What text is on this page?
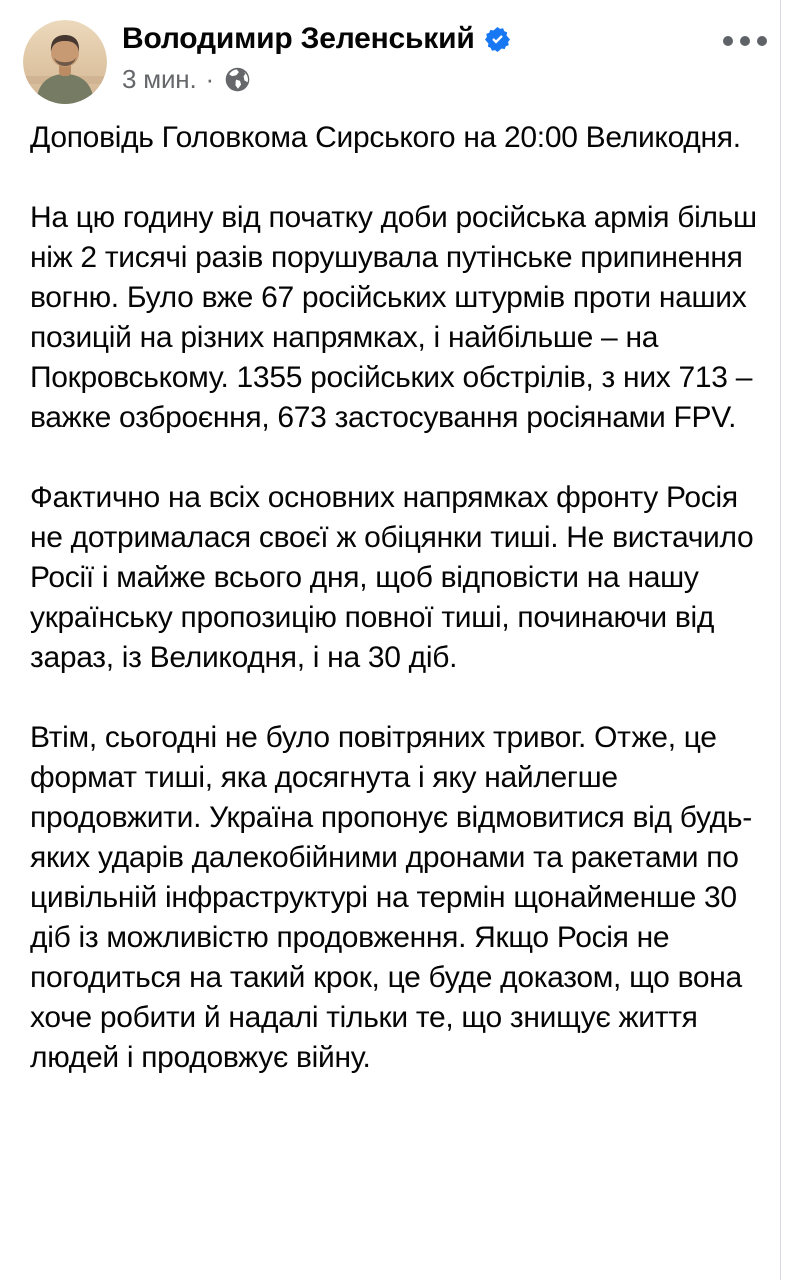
Володимир Зеленський
3 мин. ·

Доповідь Головкома Сирського на 20:00 Великодня.

На цю годину від початку доби російська армія більш ніж 2 тисячі разів порушувала путінське припинення вогню. Було вже 67 російських штурмів проти наших позицій на різних напрямках, і найбільше – на Покровському. 1355 російських обстрілів, з них 713 – важке озброєння, 673 застосування росіянами FPV.

Фактично на всіх основних напрямках фронту Росія не дотрималася своєї ж обіцянки тиші. Не вистачило Росії і майже всього дня, щоб відповісти на нашу українську пропозицію повної тиші, починаючи від зараз, із Великодня, і на 30 діб.

Втім, сьогодні не було повітряних тривог. Отже, це формат тиші, яка досягнута і яку найлегше продовжити. Україна пропонує відмовитися від будь-яких ударів далекобійними дронами та ракетами по цивільній інфраструктурі на термін щонайменше 30 діб із можливістю продовження. Якщо Росія не погодиться на такий крок, це буде доказом, що вона хоче робити й надалі тільки те, що знищує життя людей і продовжує війну.
